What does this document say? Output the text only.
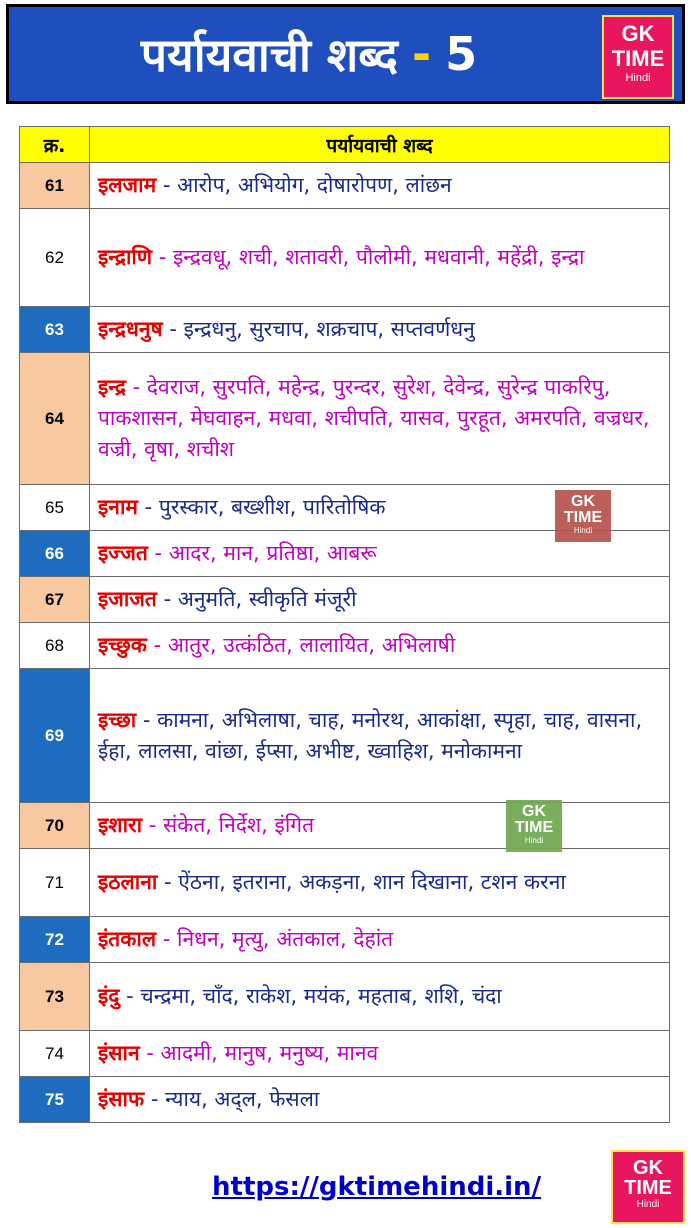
पर्यायवाची शब्द - 5	GK
TIME
Hindi
क्र.	पर्यायवाची शब्द
61	इलजाम - आरोप, अभियोग, दोषारोपण, लांछन
62	इन्द्राणि - इन्द्रवधू, शची, शतावरी, पौलोमी, मधवानी, महेंद्री, इन्द्रा
63	इन्द्रधनुष - इन्द्रधनु, सुरचाप, शक्रचाप, सप्तवर्णधनु
64	इन्द्र - देवराज, सुरपति, महेन्द्र, पुरन्दर, सुरेश, देवेन्द्र, सुरेन्द्र पाकरिपु, पाकशासन, मेघवाहन, मधवा, शचीपति, यासव, पुरहूत, अमरपति, वज्रधर, वज्री, वृषा, शचीश
65	इनाम - पुरस्कार, बख्शीश, पारितोषिक
66	इज्जत - आदर, मान, प्रतिष्ठा, आबरू
67	इजाजत - अनुमति, स्वीकृति मंजूरी
68	इच्छुक - आतुर, उत्कंठित, लालायित, अभिलाषी
69	इच्छा - कामना, अभिलाषा, चाह, मनोरथ, आकांक्षा, स्पृहा, चाह, वासना, ईहा, लालसा, वांछा, ईप्सा, अभीष्ट, ख्वाहिश, मनोकामना
70	इशारा - संकेत, निर्देश, इंगित
71	इठलाना - ऐंठना, इतराना, अकड़ना, शान दिखाना, टशन करना
72	इंतकाल - निधन, मृत्यु, अंतकाल, देहांत
73	इंदु - चन्द्रमा, चाँद, राकेश, मयंक, महताब, शशि, चंदा
74	इंसान - आदमी, मानुष, मनुष्य, मानव
75	इंसाफ - न्याय, अद्ल, फेसला
GK
TIME
Hindi
GK
TIME
Hindi
https://gktimehindi.in/
GK
TIME
Hindi
